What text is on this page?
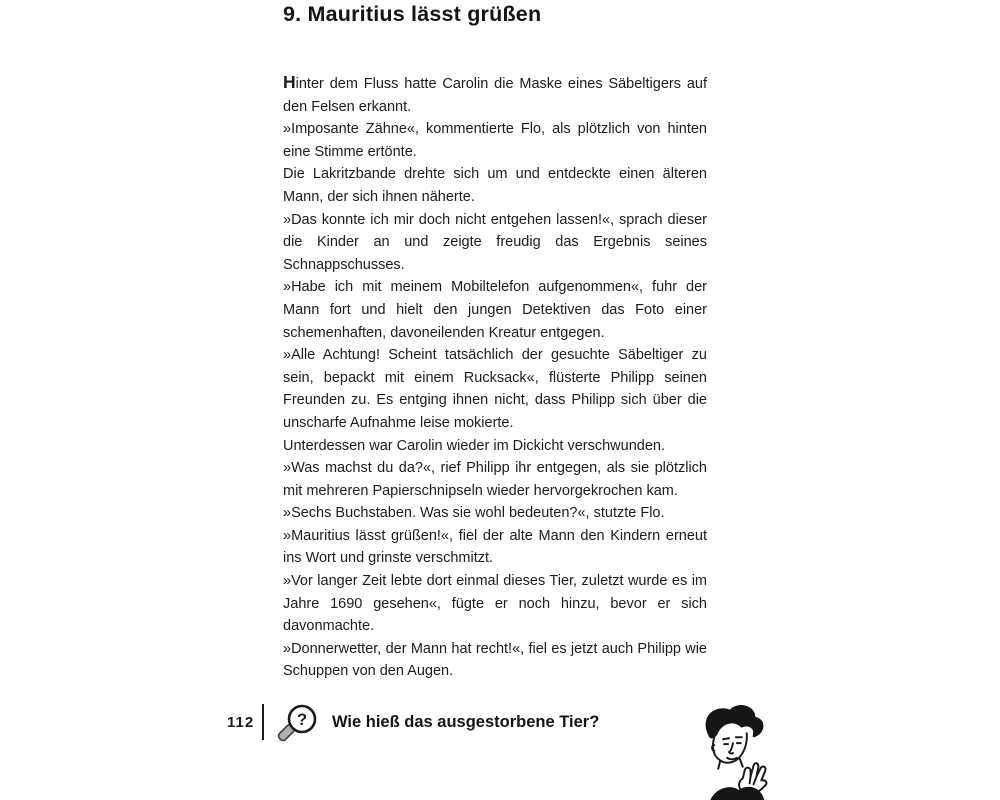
9. Mauritius lässt grüßen

Hinter dem Fluss hatte Carolin die Maske eines Säbeltigers auf den Felsen erkannt.

»Imposante Zähne«, kommentierte Flo, als plötzlich von hinten eine Stimme ertönte.

Die Lakritzbande drehte sich um und entdeckte einen älteren Mann, der sich ihnen näherte.

»Das konnte ich mir doch nicht entgehen lassen!«, sprach dieser die Kinder an und zeigte freudig das Ergebnis seines Schnappschusses.

»Habe ich mit meinem Mobiltelefon aufgenommen«, fuhr der Mann fort und hielt den jungen Detektiven das Foto einer schemenhaften, davoneilenden Kreatur entgegen.

»Alle Achtung! Scheint tatsächlich der gesuchte Säbeltiger zu sein, bepackt mit einem Rucksack«, flüsterte Philipp seinen Freunden zu. Es entging ihnen nicht, dass Philipp sich über die unscharfe Aufnahme leise mokierte.

Unterdessen war Carolin wieder im Dickicht verschwunden.

»Was machst du da?«, rief Philipp ihr entgegen, als sie plötzlich mit mehreren Papierschnipseln wieder hervorgekrochen kam.

»Sechs Buchstaben. Was sie wohl bedeuten?«, stutzte Flo.

»Mauritius lässt grüßen!«, fiel der alte Mann den Kindern erneut ins Wort und grinste verschmitzt.

»Vor langer Zeit lebte dort einmal dieses Tier, zuletzt wurde es im Jahre 1690 gesehen«, fügte er noch hinzu, bevor er sich davonmachte.

»Donnerwetter, der Mann hat recht!«, fiel es jetzt auch Philipp wie Schuppen von den Augen.

112	? Wie hieß das ausgestorbene Tier?
